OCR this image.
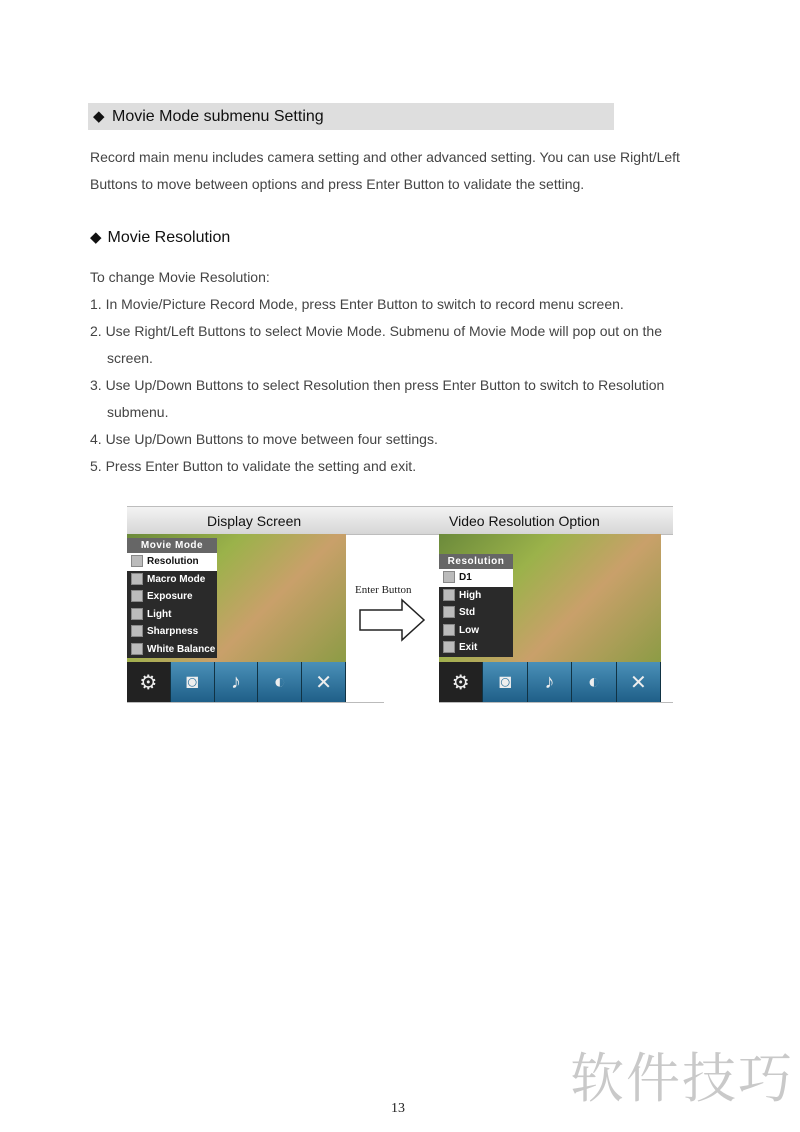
◆ Movie Mode submenu Setting
Record main menu includes camera setting and other advanced setting. You can use Right/Left
Buttons to move between options and press Enter Button to validate the setting.
◆ Movie Resolution

To change Movie Resolution:

1. In Movie/Picture Record Mode, press Enter Button to switch to record menu screen.

2. Use Right/Left Buttons to select Movie Mode. Submenu of Movie Mode will pop out on the

screen.

3. Use Up/Down Buttons to select Resolution then press Enter Button to switch to Resolution

submenu.

4. Use Up/Down Buttons to move between four settings.

5. Press Enter Button to validate the setting and exit.

Display Screen	Video Resolution Option
Movie Mode
Resolution
Macro Mode
Exposure
Light
Sharpness
White Balance
⚙	◙	♪	◐	✕
Enter Button
Resolution
D1
High
Std
Low
Exit
⚙	◙	♪	◐	✕
软件技巧
13
